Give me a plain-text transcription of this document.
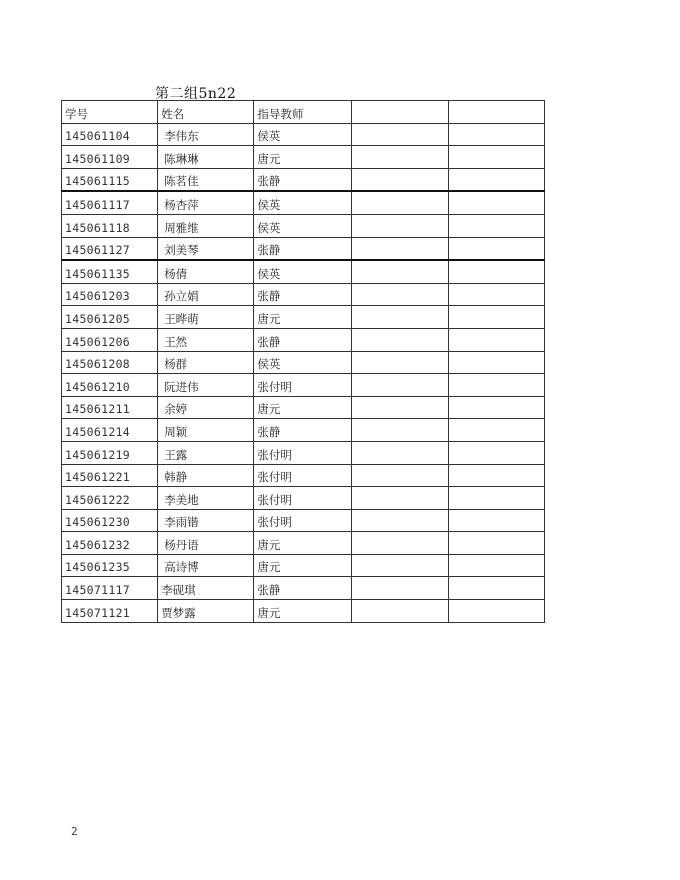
第二组5n22
学号	姓名	指导教师		
145061104	李伟东	侯英		
145061109	陈琳琳	唐元		
145061115	陈茗佳	张静		
145061117	杨杏萍	侯英		
145061118	周雅维	侯英		
145061127	刘美琴	张静		
145061135	杨倩	侯英		
145061203	孙立娟	张静		
145061205	王晔萌	唐元		
145061206	王然	张静		
145061208	杨群	侯英		
145061210	阮进伟	张付明		
145061211	余婷	唐元		
145061214	周颖	张静		
145061219	王露	张付明		
145061221	韩静	张付明		
145061222	李美地	张付明		
145061230	李雨锴	张付明		
145061232	杨丹语	唐元		
145061235	高诗博	唐元		
145071117	李砚琪	张静		
145071121	贾梦露	唐元		
2
